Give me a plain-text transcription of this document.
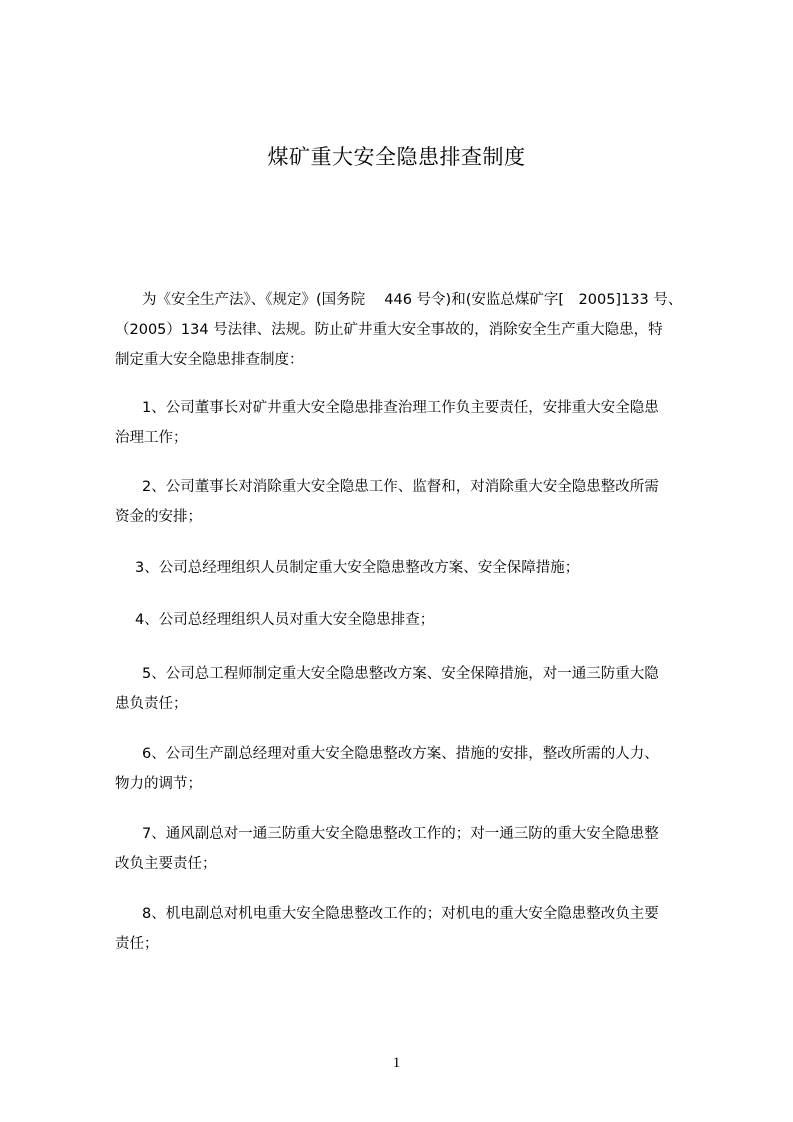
煤矿重大安全隐患排查制度
为《安全生产法》、《规定》(国务院　 446 号令)和(安监总煤矿字[　2005]133 号、
（2005）134 号法律、法规。防止矿井重大安全事故的，消除安全生产重大隐患，特
制定重大安全隐患排查制度：
1、公司董事长对矿井重大安全隐患排查治理工作负主要责任，安排重大安全隐患
治理工作；
2、公司董事长对消除重大安全隐患工作、监督和，对消除重大安全隐患整改所需
资金的安排；
3、公司总经理组织人员制定重大安全隐患整改方案、安全保障措施；
4、公司总经理组织人员对重大安全隐患排查；
5、公司总工程师制定重大安全隐患整改方案、安全保障措施，对一通三防重大隐
患负责任；
6、公司生产副总经理对重大安全隐患整改方案、措施的安排，整改所需的人力、
物力的调节；
7、通风副总对一通三防重大安全隐患整改工作的；对一通三防的重大安全隐患整
改负主要责任；
8、机电副总对机电重大安全隐患整改工作的；对机电的重大安全隐患整改负主要
责任；
1
